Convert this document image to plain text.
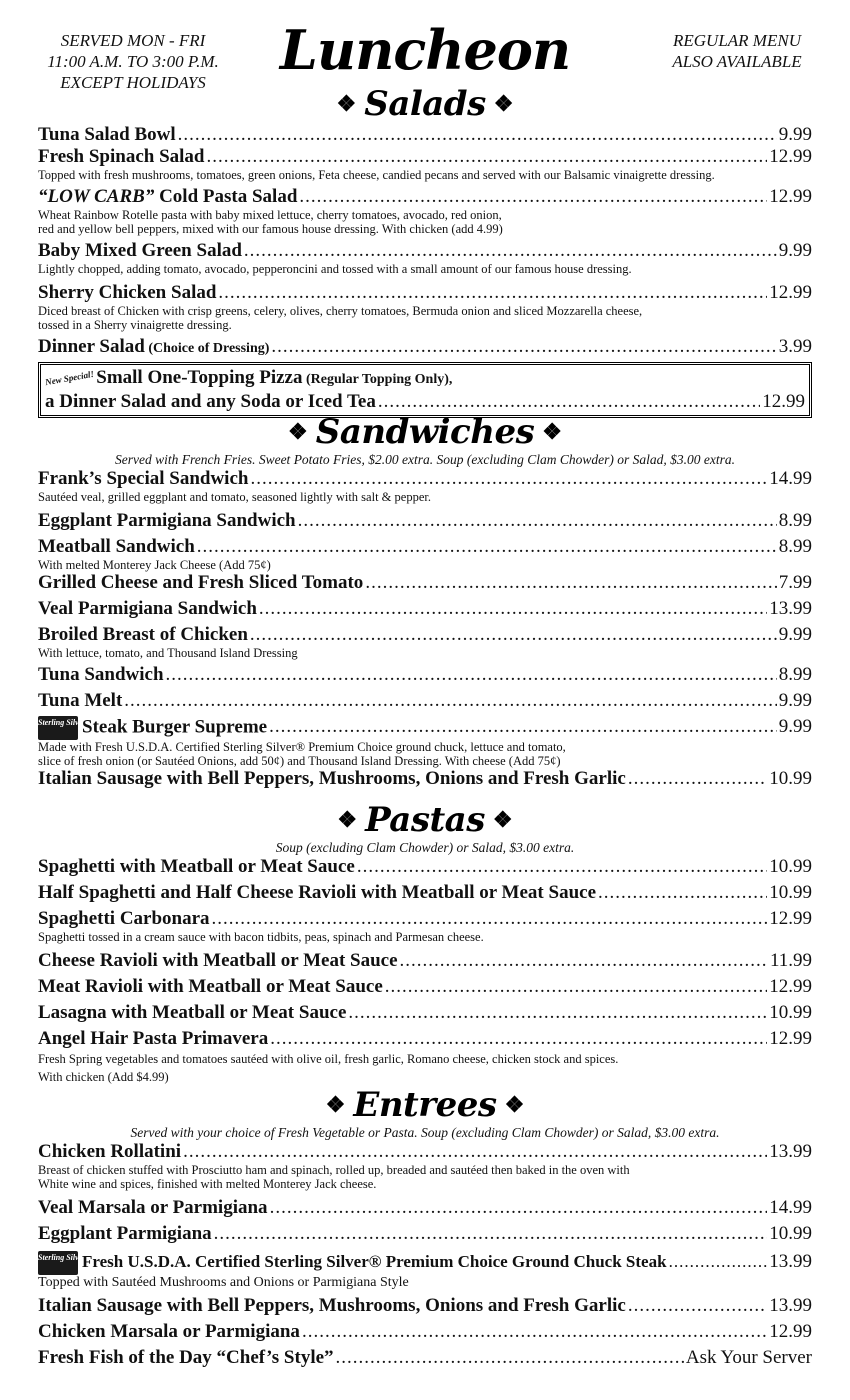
SERVED MON - FRI
11:00 A.M. TO 3:00 P.M.
EXCEPT HOLIDAYS
Luncheon	REGULAR MENU
ALSO AVAILABLE
❖ Salads ❖
Tuna Salad Bowl .....	9.99
Fresh Spinach Salad .....	12.99
Topped with fresh mushrooms, tomatoes, green onions, Feta cheese, candied pecans and served with our Balsamic vinaigrette dressing.
“LOW CARB” Cold Pasta Salad .....	12.99
Wheat Rainbow Rotelle pasta with baby mixed lettuce, cherry tomatoes, avocado, red onion,
red and yellow bell peppers, mixed with our famous house dressing. With chicken (add 4.99)
Baby Mixed Green Salad .....	9.99
Lightly chopped, adding tomato, avocado, pepperoncini and tossed with a small amount of our famous house dressing.
Sherry Chicken Salad .....	12.99
Diced breast of Chicken with crisp greens, celery, olives, cherry tomatoes, Bermuda onion and sliced Mozzarella cheese,
tossed in a Sherry vinaigrette dressing.
Dinner Salad (Choice of Dressing) .....	3.99
New Special!Small One-Topping Pizza (Regular Topping Only),
a Dinner Salad and any Soda or Iced Tea .....	12.99
❖ Sandwiches ❖
Served with French Fries. Sweet Potato Fries, $2.00 extra. Soup (excluding Clam Chowder) or Salad, $3.00 extra.
Frank’s Special Sandwich .....	14.99
Sautéed veal, grilled eggplant and tomato, seasoned lightly with salt & pepper.
Eggplant Parmigiana Sandwich .....	8.99
Meatball Sandwich .....	8.99
With melted Monterey Jack Cheese (Add 75¢)
Grilled Cheese and Fresh Sliced Tomato .....	7.99
Veal Parmigiana Sandwich .....	13.99
Broiled Breast of Chicken .....	9.99
With lettuce, tomato, and Thousand Island Dressing
Tuna Sandwich .....	8.99
Tuna Melt .....	9.99
Sterling SilverSteak Burger Supreme .....	9.99
Made with Fresh U.S.D.A. Certified Sterling Silver® Premium Choice ground chuck, lettuce and tomato,
slice of fresh onion (or Sautéed Onions, add 50¢) and Thousand Island Dressing. With cheese (Add 75¢)
Italian Sausage with Bell Peppers, Mushrooms, Onions and Fresh Garlic .....	10.99
❖ Pastas ❖
Soup (excluding Clam Chowder) or Salad, $3.00 extra.
Spaghetti with Meatball or Meat Sauce .....	10.99
Half Spaghetti and Half Cheese Ravioli with Meatball or Meat Sauce .....	10.99
Spaghetti Carbonara .....	12.99
Spaghetti tossed in a cream sauce with bacon tidbits, peas, spinach and Parmesan cheese.
Cheese Ravioli with Meatball or Meat Sauce .....	11.99
Meat Ravioli with Meatball or Meat Sauce .....	12.99
Lasagna with Meatball or Meat Sauce .....	10.99
Angel Hair Pasta Primavera .....	12.99
Fresh Spring vegetables and tomatoes sautéed with olive oil, fresh garlic, Romano cheese, chicken stock and spices.
With chicken (Add $4.99)
❖ Entrees ❖
Served with your choice of Fresh Vegetable or Pasta. Soup (excluding Clam Chowder) or Salad, $3.00 extra.
Chicken Rollatini .....	13.99
Breast of chicken stuffed with Prosciutto ham and spinach, rolled up, breaded and sautéed then baked in the oven with
White wine and spices, finished with melted Monterey Jack cheese.
Veal Marsala or Parmigiana .....	14.99
Eggplant Parmigiana .....	10.99
Sterling SilverFresh U.S.D.A. Certified Sterling Silver® Premium Choice Ground Chuck Steak .....	13.99
Topped with Sautéed Mushrooms and Onions or Parmigiana Style
Italian Sausage with Bell Peppers, Mushrooms, Onions and Fresh Garlic .....	13.99
Chicken Marsala or Parmigiana .....	12.99
Fresh Fish of the Day “Chef’s Style” .....	Ask Your Server
